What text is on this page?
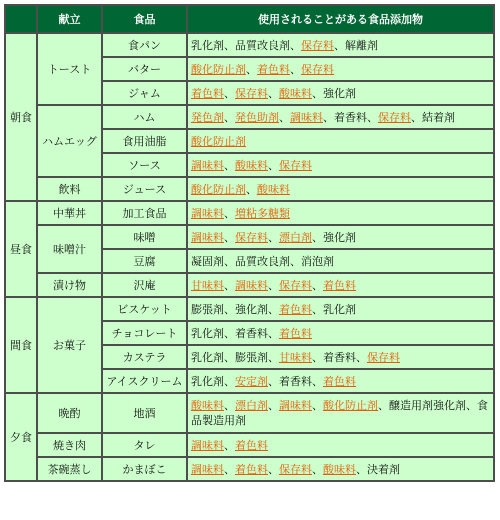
	献立	食品	使用されることがある食品添加物
朝食	トースト	食パン	乳化剤、品質改良剤、保存料、解離剤
		バター	酸化防止剤、着色料、保存料
		ジャム	着色料、保存料、酸味料、強化剤
	ハムエッグ	ハム	発色剤、発色助剤、調味料、着香料、保存料、結着剤
		食用油脂	酸化防止剤
		ソース	調味料、酸味料、保存料
	飲料	ジュース	酸化防止剤、酸味料
昼食	中華丼	加工食品	調味料、増粘多糖類
	味噌汁	味噌	調味料、保存料、漂白剤、強化剤
		豆腐	凝固剤、品質改良剤、消泡剤
	漬け物	沢庵	甘味料、調味料、保存料、着色料
間食	お菓子	ビスケット	膨張剤、強化剤、着色料、乳化剤
		チョコレート	乳化剤、着香料、着色料
		カステラ	乳化剤、膨張剤、甘味料、着香料、保存料
		アイスクリーム	乳化剤、安定剤、着香料、着色料
夕食	晩酌	地酒	酸味料、漂白剤、調味料、酸化防止剤、醸造用剤強化剤、食品製造用剤
	焼き肉	タレ	調味料、着色料
	茶碗蒸し	かまぼこ	調味料、着色料、保存料、酸味料、決着剤
